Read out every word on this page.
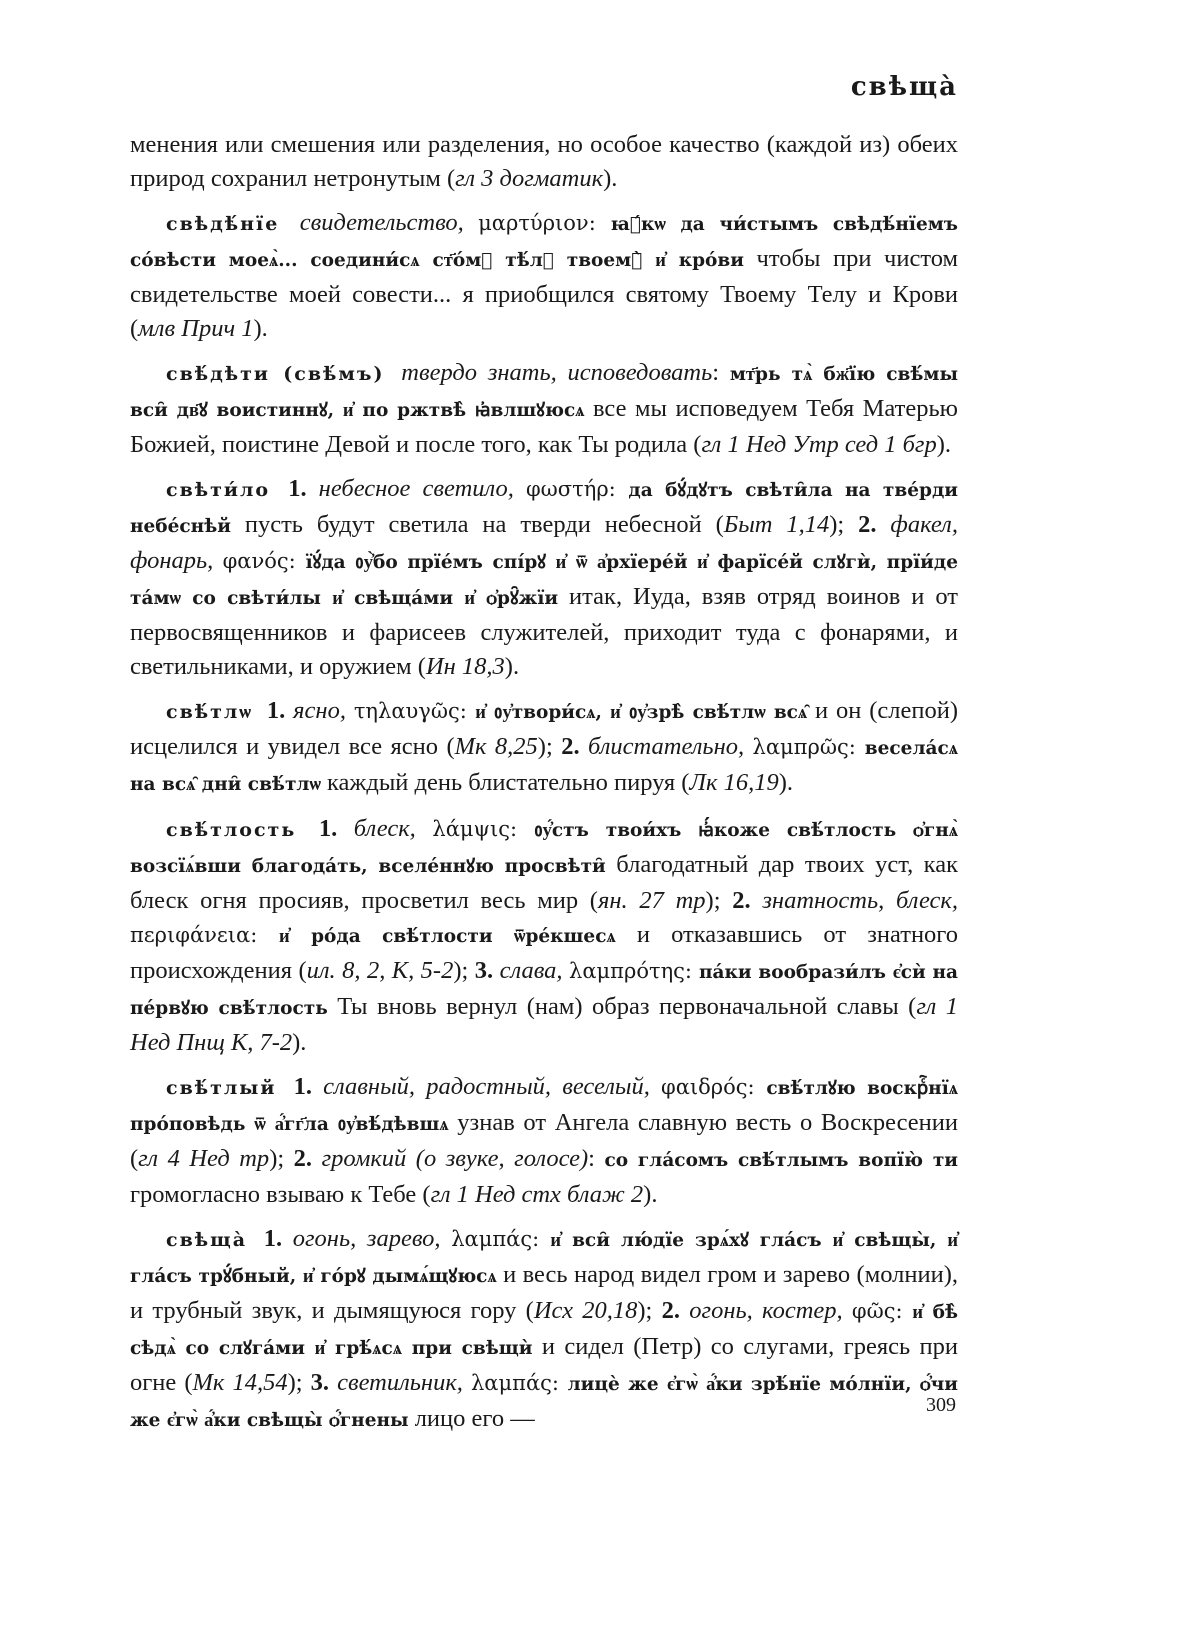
свѣщà

менения или смешения или разделения, но особое качество (каждой из) обеих природ сохранил нетронутым (гл 3 догматик).

свѣдѣ́нїе свидетельство, μαρτύριον: ꙗ҆́кѡ да чи́стымъ свѣдѣ́нїемъ со́вѣсти моеѧ̀... соедини́сѧ ст҃о́мꙋ тѣ́лꙋ твоемꙋ̀ и҆ кро́ви чтобы при чистом свидетельстве моей совести... я приобщился святому Твоему Телу и Крови (млв Прич 1).

свѣ́дѣти (свѣ́мъ) твердо знать, исповедовать: мт҃рь тѧ̀ бж҃їю свѣ́мы вси̑ дв҃ꙋ воистиннꙋ, и҆ по ржтвѣ̀ ꙗ҆влшꙋюсѧ все мы исповедуем Тебя Матерью Божией, поистине Девой и после того, как Ты родила (гл 1 Нед Утр сед 1 бгр).

свѣти́ло 1. небесное светило, φωστήρ: да бꙋ́дꙋтъ свѣти̑ла на тве́рди небе́снѣй пусть будут светила на тверди небесной (Быт 1,14); 2. факел, фонарь, φανός: їꙋ́да ᲂу҆̀бо прїе́мъ спі́рꙋ и҆ ѿ а҆рхїере́й и҆ фарїсе́й слꙋгѝ, прїи́де та́мѡ со свѣти́лы и҆ свѣща́ми и҆ ѻ҆рꙋ̑жїи итак, Иуда, взяв отряд воинов и от первосвященников и фарисеев служителей, приходит туда с фонарями, и светильниками, и оружием (Ин 18,3).

свѣ́тлѡ 1. ясно, τηλαυγῶς: и҆ ᲂу҆твори́сѧ, и҆ ᲂу҆зрѣ̀ свѣ́тлѡ всѧ̑ и он (слепой) исцелился и увидел все ясно (Мк 8,25); 2. блистательно, λαμπρῶς: весела́сѧ на всѧ̑ дни̑ свѣ́тлѡ каждый день блистательно пируя (Лк 16,19).

свѣ́тлость 1. блеск, λάμψις: ᲂу҆́стъ твои́хъ ꙗ҆́коже свѣ́тлость ѻ҆гнѧ̀ возсїѧ́вши благода́ть, вселе́ннꙋю просвѣти̑ благодатный дар твоих уст, как блеск огня просияв, просветил весь мир (ян. 27 тр); 2. знатность, блеск, περιφάνεια: и҆ ро́да свѣ́тлости ѿре́кшесѧ и отказавшись от знатного происхождения (ил. 8, 2, К, 5-2); 3. слава, λαμπρότης: па́ки вообрази́лъ є҆сѝ на пе́рвꙋю свѣ́тлость Ты вновь вернул (нам) образ первоначальной славы (гл 1 Нед Пнщ К, 7-2).

свѣ́тлый 1. славный, радостный, веселый, φαιδρός: свѣ́тлꙋю воскрⷭ҇нїѧ про́повѣдь ѿ а҆́гг҃ла ᲂу҆вѣ́дѣвшѧ узнав от Ангела славную весть о Воскресении (гл 4 Нед тр); 2. громкий (о звуке, голосе): со гла́сомъ свѣ́тлымъ вопїю̀ ти громогласно взываю к Тебе (гл 1 Нед стх блаж 2).

свѣщà 1. огонь, зарево, λαμπάς: и҆ вси̑ лю́дїе зрѧ́хꙋ гла́съ и҆ свѣщы̀, и҆ гла́съ трꙋ́бный, и҆ го́рꙋ дымѧ́щꙋюсѧ и весь народ видел гром и зарево (молнии), и трубный звук, и дымящуюся гору (Исх 20,18); 2. огонь, костер, φῶς: и҆ бѣ̀ сѣдѧ̀ со слꙋга́ми и҆ грѣ́ѧсѧ при свѣщѝ и сидел (Петр) со слугами, греясь при огне (Мк 14,54); 3. светильник, λαμπάς: лицѐ же є҆гѡ̀ а҆́ки зрѣ́нїе мо́лнїи, ѻ҆́чи же є҆гѡ̀ а҆́ки свѣщы̀ ѻ҆́гнены лицо его —	309
